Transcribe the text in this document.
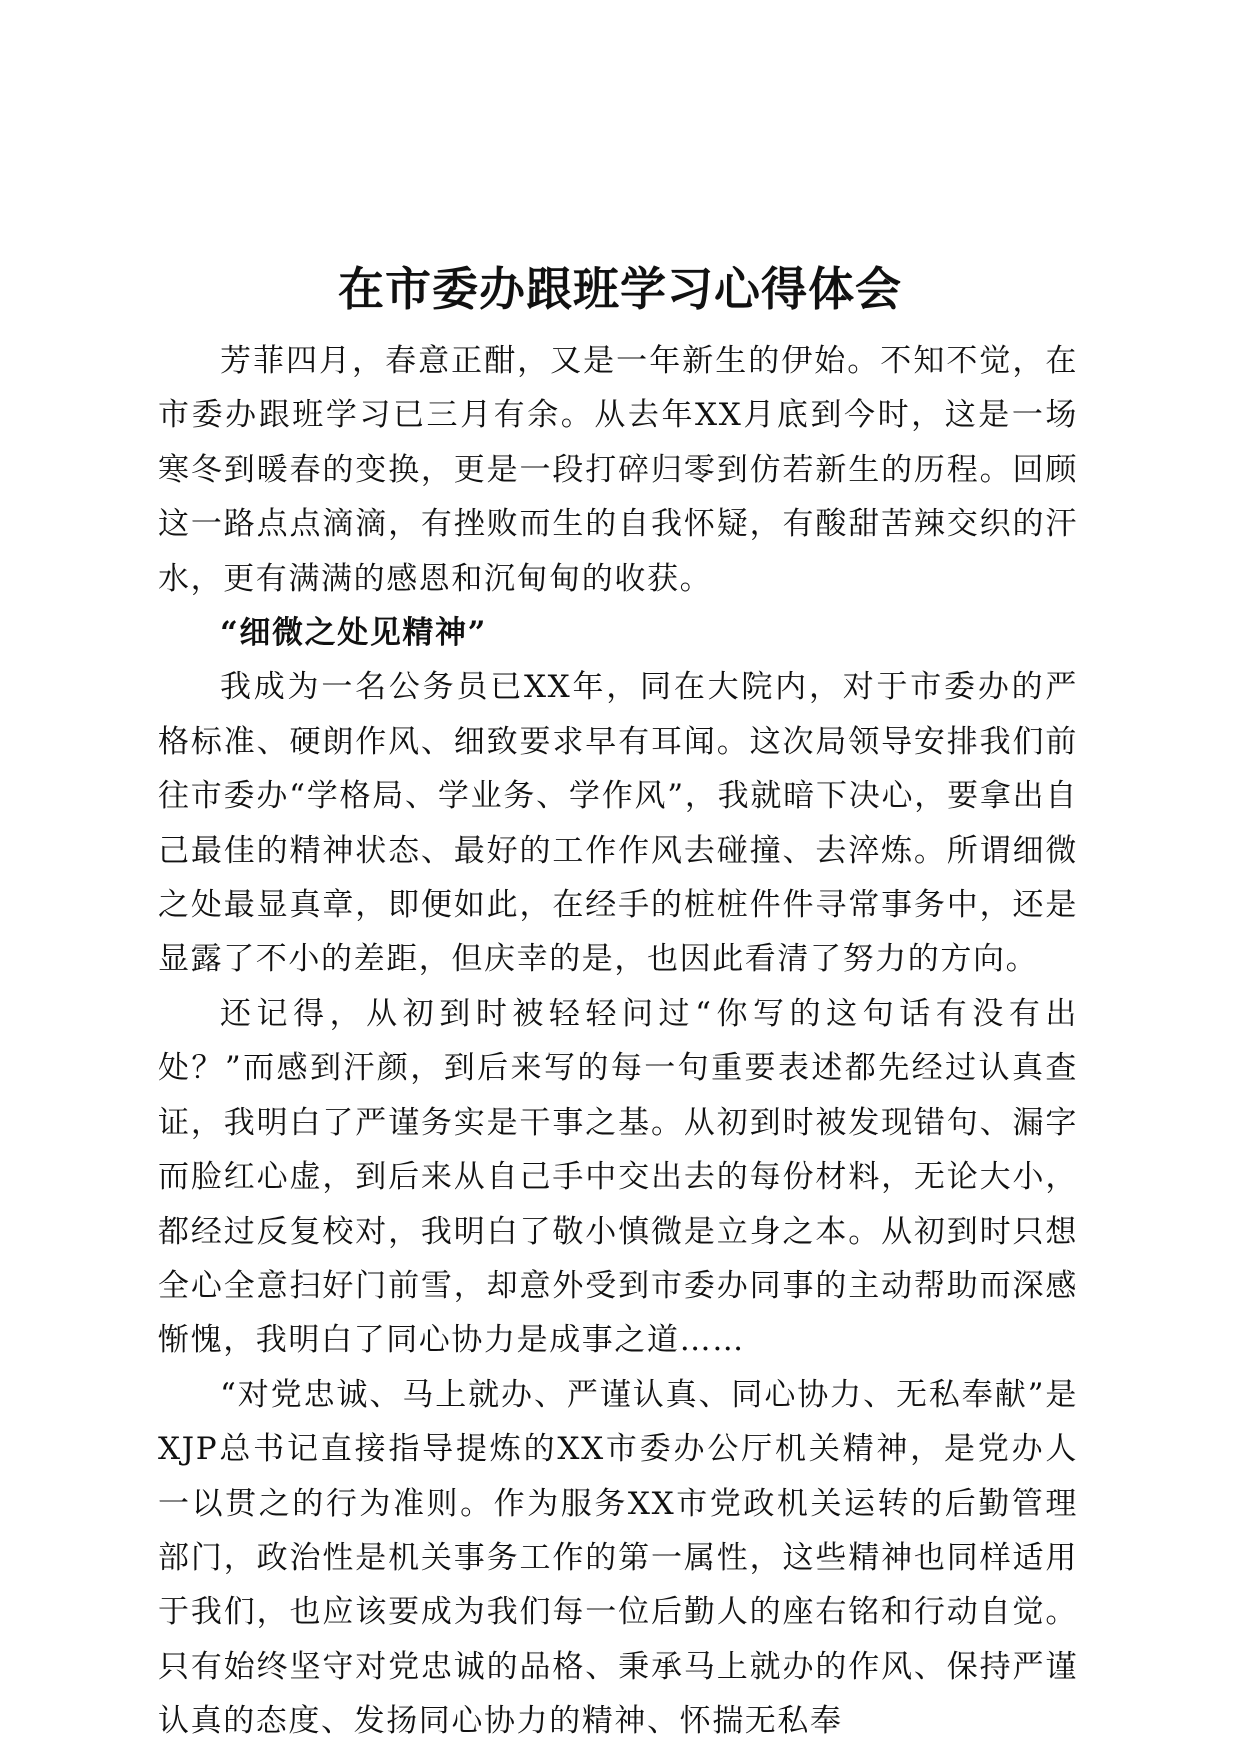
在市委办跟班学习心得体会

芳菲四月，春意正酣，又是一年新生的伊始。不知不觉，在市委办跟班学习已三月有余。从去年XX月底到今时，这是一场寒冬到暖春的变换，更是一段打碎归零到仿若新生的历程。回顾这一路点点滴滴，有挫败而生的自我怀疑，有酸甜苦辣交织的汗水，更有满满的感恩和沉甸甸的收获。

“细微之处见精神”

我成为一名公务员已XX年，同在大院内，对于市委办的严格标准、硬朗作风、细致要求早有耳闻。这次局领导安排我们前往市委办“学格局、学业务、学作风”，我就暗下决心，要拿出自己最佳的精神状态、最好的工作作风去碰撞、去淬炼。所谓细微之处最显真章，即便如此，在经手的桩桩件件寻常事务中，还是显露了不小的差距，但庆幸的是，也因此看清了努力的方向。

还记得，从初到时被轻轻问过“你写的这句话有没有出处？”而感到汗颜，到后来写的每一句重要表述都先经过认真查证，我明白了严谨务实是干事之基。从初到时被发现错句、漏字而脸红心虚，到后来从自己手中交出去的每份材料，无论大小，都经过反复校对，我明白了敬小慎微是立身之本。从初到时只想全心全意扫好门前雪，却意外受到市委办同事的主动帮助而深感惭愧，我明白了同心协力是成事之道……

“对党忠诚、马上就办、严谨认真、同心协力、无私奉献”是XJP总书记直接指导提炼的XX市委办公厅机关精神，是党办人一以贯之的行为准则。作为服务XX市党政机关运转的后勤管理部门，政治性是机关事务工作的第一属性，这些精神也同样适用于我们，也应该要成为我们每一位后勤人的座右铭和行动自觉。只有始终坚守对党忠诚的品格、秉承马上就办的作风、保持严谨认真的态度、发扬同心协力的精神、怀揣无私奉
